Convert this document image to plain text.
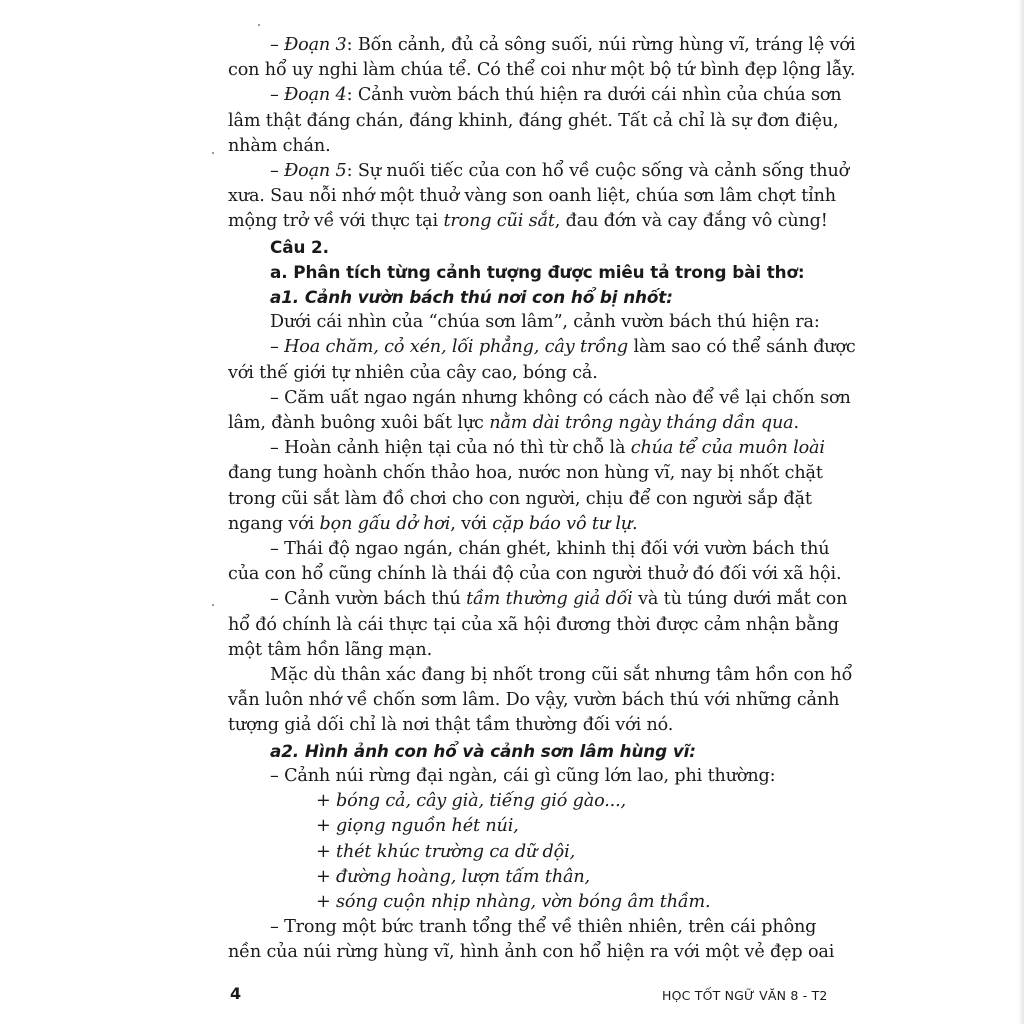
– Đoạn 3: Bốn cảnh, đủ cả sông suối, núi rừng hùng vĩ, tráng lệ với
con hổ uy nghi làm chúa tể. Có thể coi như một bộ tứ bình đẹp lộng lẫy.
– Đoạn 4: Cảnh vườn bách thú hiện ra dưới cái nhìn của chúa sơn
lâm thật đáng chán, đáng khinh, đáng ghét. Tất cả chỉ là sự đơn điệu,
nhàm chán.
– Đoạn 5: Sự nuối tiếc của con hổ về cuộc sống và cảnh sống thuở
xưa. Sau nỗi nhớ một thuở vàng son oanh liệt, chúa sơn lâm chợt tỉnh
mộng trở về với thực tại trong cũi sắt, đau đớn và cay đắng vô cùng!
Câu 2.
a. Phân tích từng cảnh tượng được miêu tả trong bài thơ:
a1. Cảnh vườn bách thú nơi con hổ bị nhốt:
Dưới cái nhìn của “chúa sơn lâm”, cảnh vườn bách thú hiện ra:
– Hoa chăm, cỏ xén, lối phẳng, cây trồng làm sao có thể sánh được
với thế giới tự nhiên của cây cao, bóng cả.
– Căm uất ngao ngán nhưng không có cách nào để về lại chốn sơn
lâm, đành buông xuôi bất lực nằm dài trông ngày tháng dần qua.
– Hoàn cảnh hiện tại của nó thì từ chỗ là chúa tể của muôn loài
đang tung hoành chốn thảo hoa, nước non hùng vĩ, nay bị nhốt chặt
trong cũi sắt làm đồ chơi cho con người, chịu để con người sắp đặt
ngang với bọn gấu dở hơi, với cặp báo vô tư lự.
– Thái độ ngao ngán, chán ghét, khinh thị đối với vườn bách thú
của con hổ cũng chính là thái độ của con người thuở đó đối với xã hội.
– Cảnh vườn bách thú tầm thường giả dối và tù túng dưới mắt con
hổ đó chính là cái thực tại của xã hội đương thời được cảm nhận bằng
một tâm hồn lãng mạn.
Mặc dù thân xác đang bị nhốt trong cũi sắt nhưng tâm hồn con hổ
vẫn luôn nhớ về chốn sơm lâm. Do vậy, vườn bách thú với những cảnh
tượng giả dối chỉ là nơi thật tầm thường đối với nó.
a2. Hình ảnh con hổ và cảnh sơn lâm hùng vĩ:
– Cảnh núi rừng đại ngàn, cái gì cũng lớn lao, phi thường:
+ bóng cả, cây già, tiếng gió gào...,
+ giọng nguồn hét núi,
+ thét khúc trường ca dữ dội,
+ đường hoàng, lượn tấm thân,
+ sóng cuộn nhịp nhàng, vờn bóng âm thầm.
– Trong một bức tranh tổng thể về thiên nhiên, trên cái phông
nền của núi rừng hùng vĩ, hình ảnh con hổ hiện ra với một vẻ đẹp oai
4	HỌC TỐT NGỮ VĂN 8 - T2
